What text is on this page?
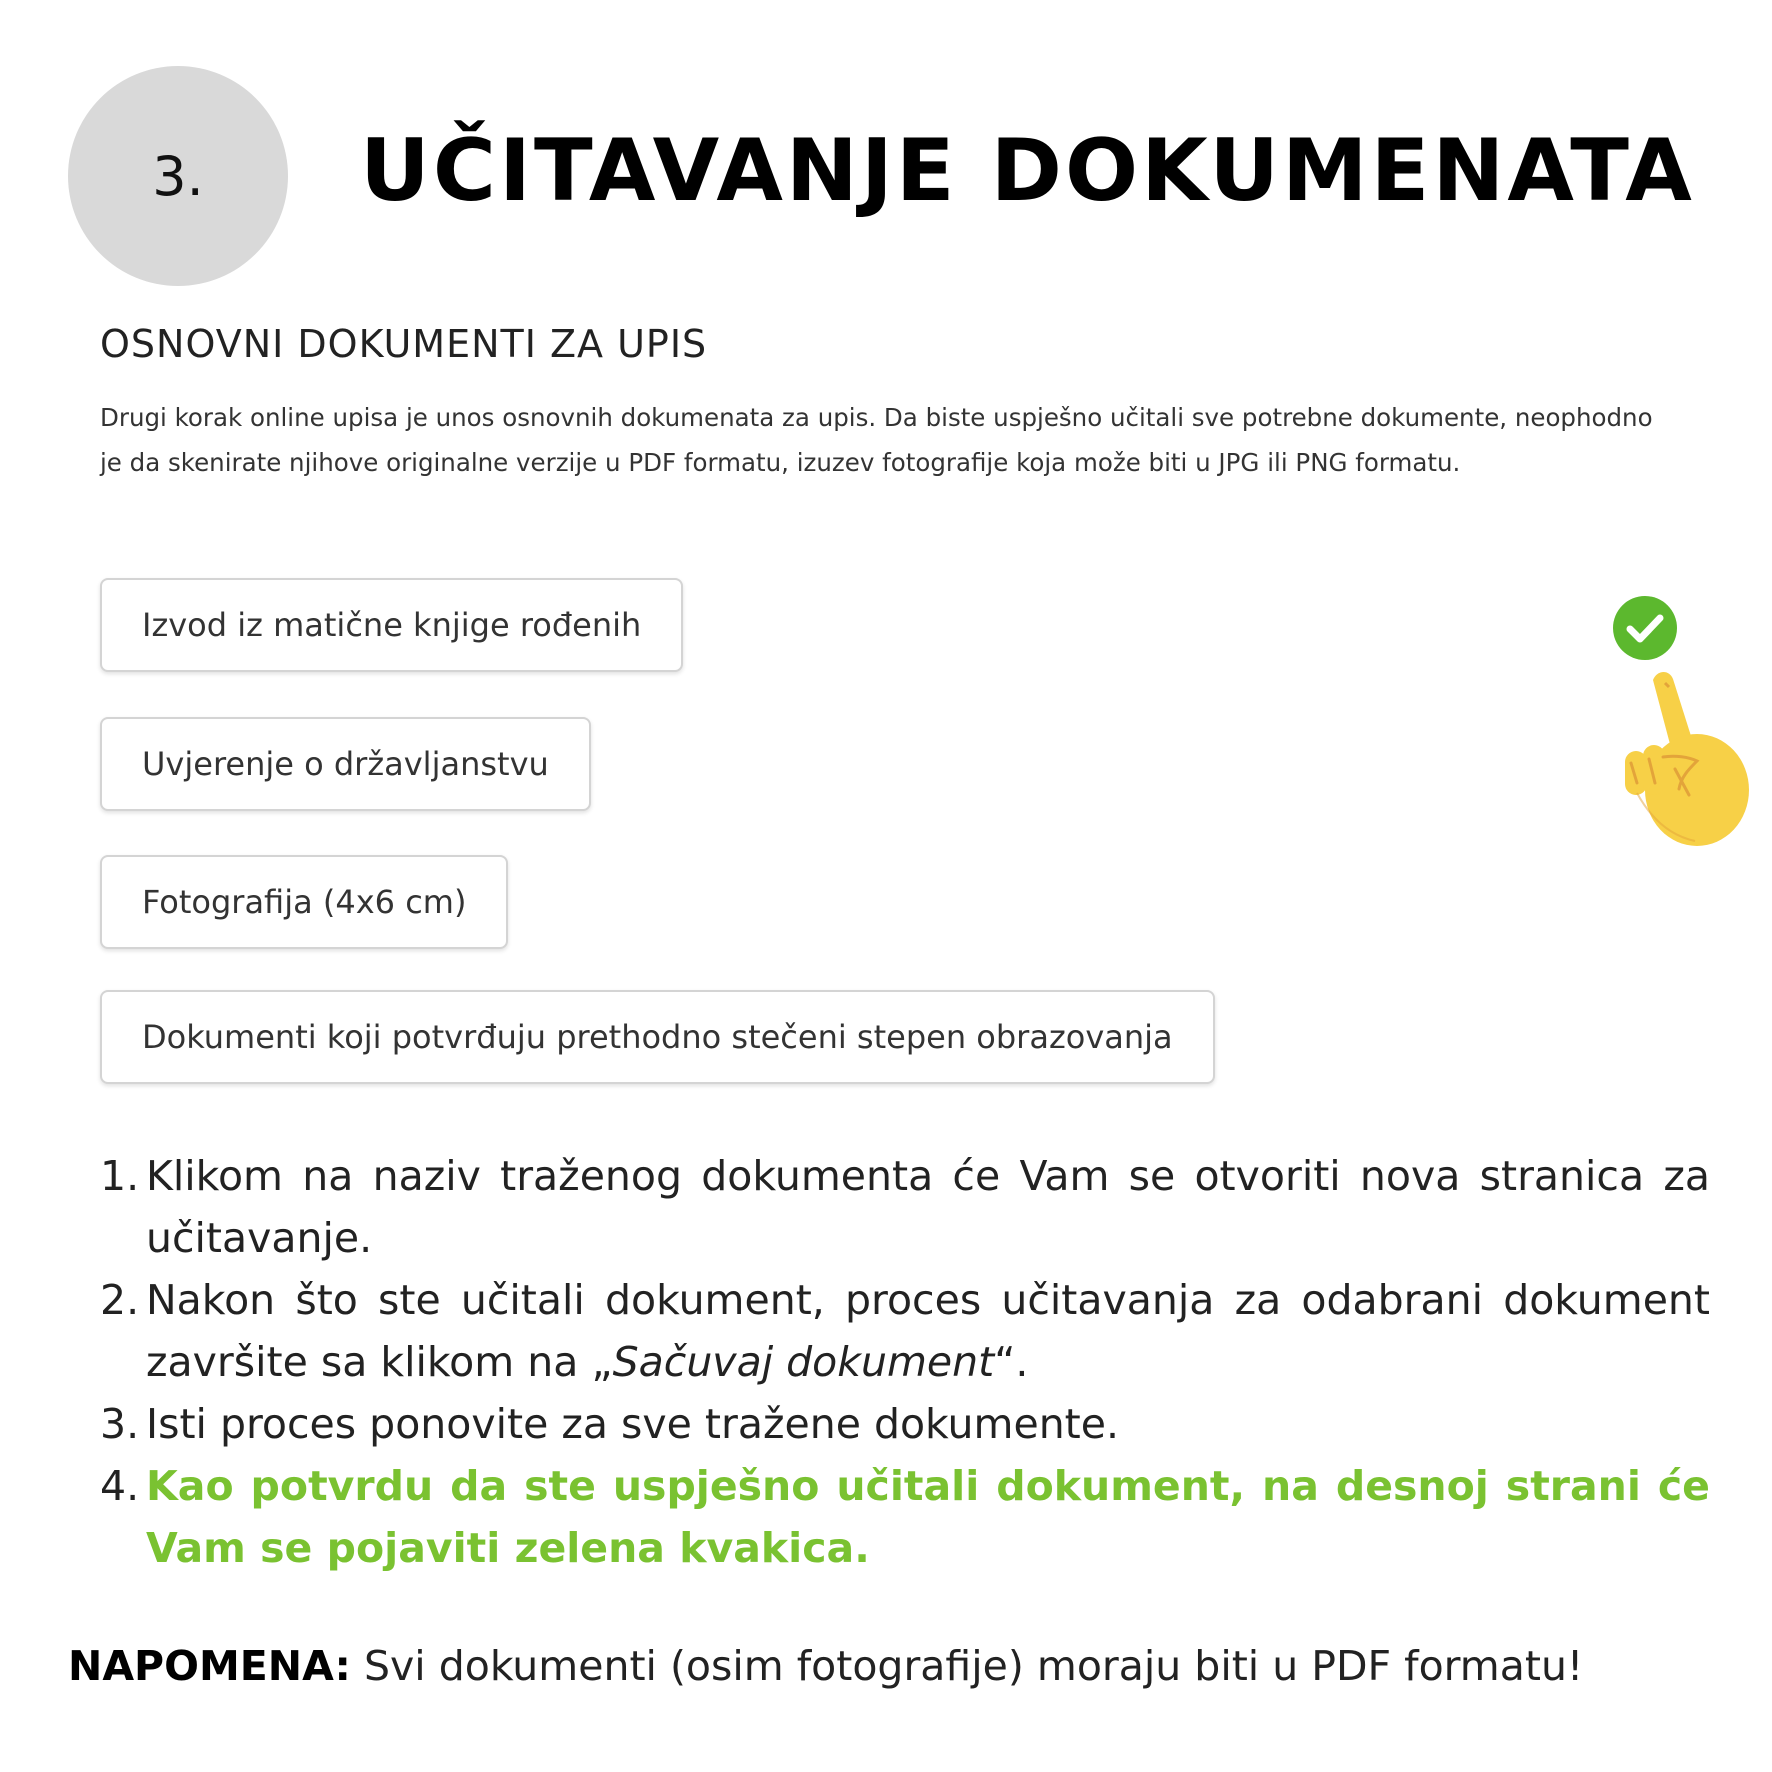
3. UČITAVANJE DOKUMENATA
OSNOVNI DOKUMENTI ZA UPIS

Drugi korak online upisa je unos osnovnih dokumenata za upis. Da biste uspješno učitali sve potrebne dokumente, neophodno je da skenirate njihove originalne verzije u PDF formatu, izuzev fotografije koja može biti u JPG ili PNG formatu.

Izvod iz matične knjige rođenih
Uvjerenje o državljanstvu
Fotografija (4x6 cm)
Dokumenti koji potvrđuju prethodno stečeni stepen obrazovanja
1. Klikom na naziv traženog dokumenta će Vam se otvoriti nova stranica za učitavanje.
2. Nakon što ste učitali dokument, proces učitavanja za odabrani dokument završite sa klikom na „Sačuvaj dokument“.
3. Isti proces ponovite za sve tražene dokumente.
4. Kao potvrdu da ste uspješno učitali dokument, na desnoj strani će Vam se pojaviti zelena kvakica.

NAPOMENA: Svi dokumenti (osim fotografije) moraju biti u PDF formatu!
